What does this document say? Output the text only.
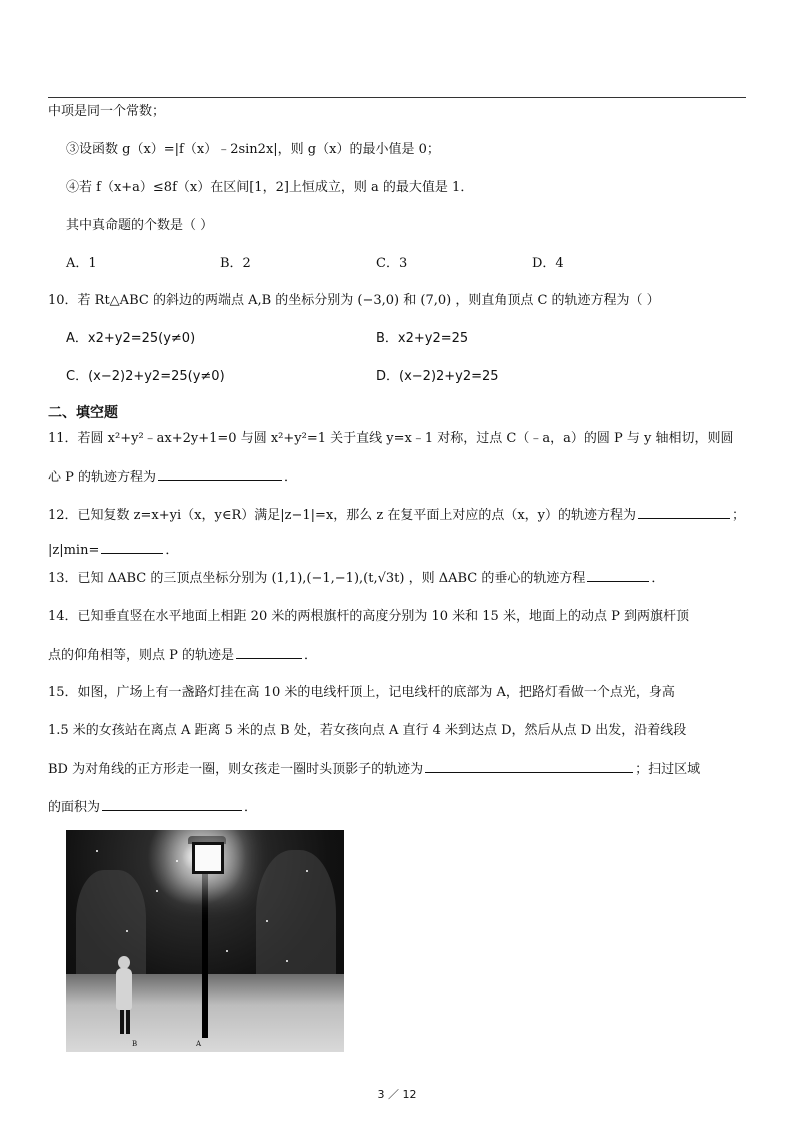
中项是同一个常数；
③设函数 g（x）=|f（x）﹣2sin2x|，则 g（x）的最小值是 0；
④若 f（x+a）≤8f（x）在区间[1，2]上恒成立，则 a 的最大值是 1．
其中真命题的个数是（ ）
A．1	B．2	C．3	D．4
10．若 Rt△ABC 的斜边的两端点 A,B 的坐标分别为 (−3,0) 和 (7,0) ，则直角顶点 C 的轨迹方程为（ ）
A．x2+y2=25(y≠0)	B．x2+y2=25
C．(x−2)2+y2=25(y≠0)	D．(x−2)2+y2=25
二、填空题
11．若圆 x²+y²﹣ax+2y+1=0 与圆 x²+y²=1 关于直线 y=x﹣1 对称，过点 C（﹣a，a）的圆 P 与 y 轴相切，则圆
心 P 的轨迹方程为	．
12．已知复数 z=x+yi（x，y∈R）满足|z−1|=x，那么 z 在复平面上对应的点（x，y）的轨迹方程为	；
|z|min=	．
13．已知 ΔABC 的三顶点坐标分别为 (1,1),(−1,−1),(t,√3t) ，则 ΔABC 的垂心的轨迹方程	．
14．已知垂直竖在水平地面上相距 20 米的两根旗杆的高度分别为 10 米和 15 米，地面上的动点 P 到两旗杆顶
点的仰角相等，则点 P 的轨迹是	．
15．如图，广场上有一盏路灯挂在高 10 米的电线杆顶上，记电线杆的底部为 A，把路灯看做一个点光，身高
1.5 米的女孩站在离点 A 距离 5 米的点 B 处，若女孩向点 A 直行 4 米到达点 D，然后从点 D 出发，沿着线段
BD 为对角线的正方形走一圈，则女孩走一圈时头顶影子的轨迹为	；扫过区域
的面积为	．
B	A
3 ／ 12
